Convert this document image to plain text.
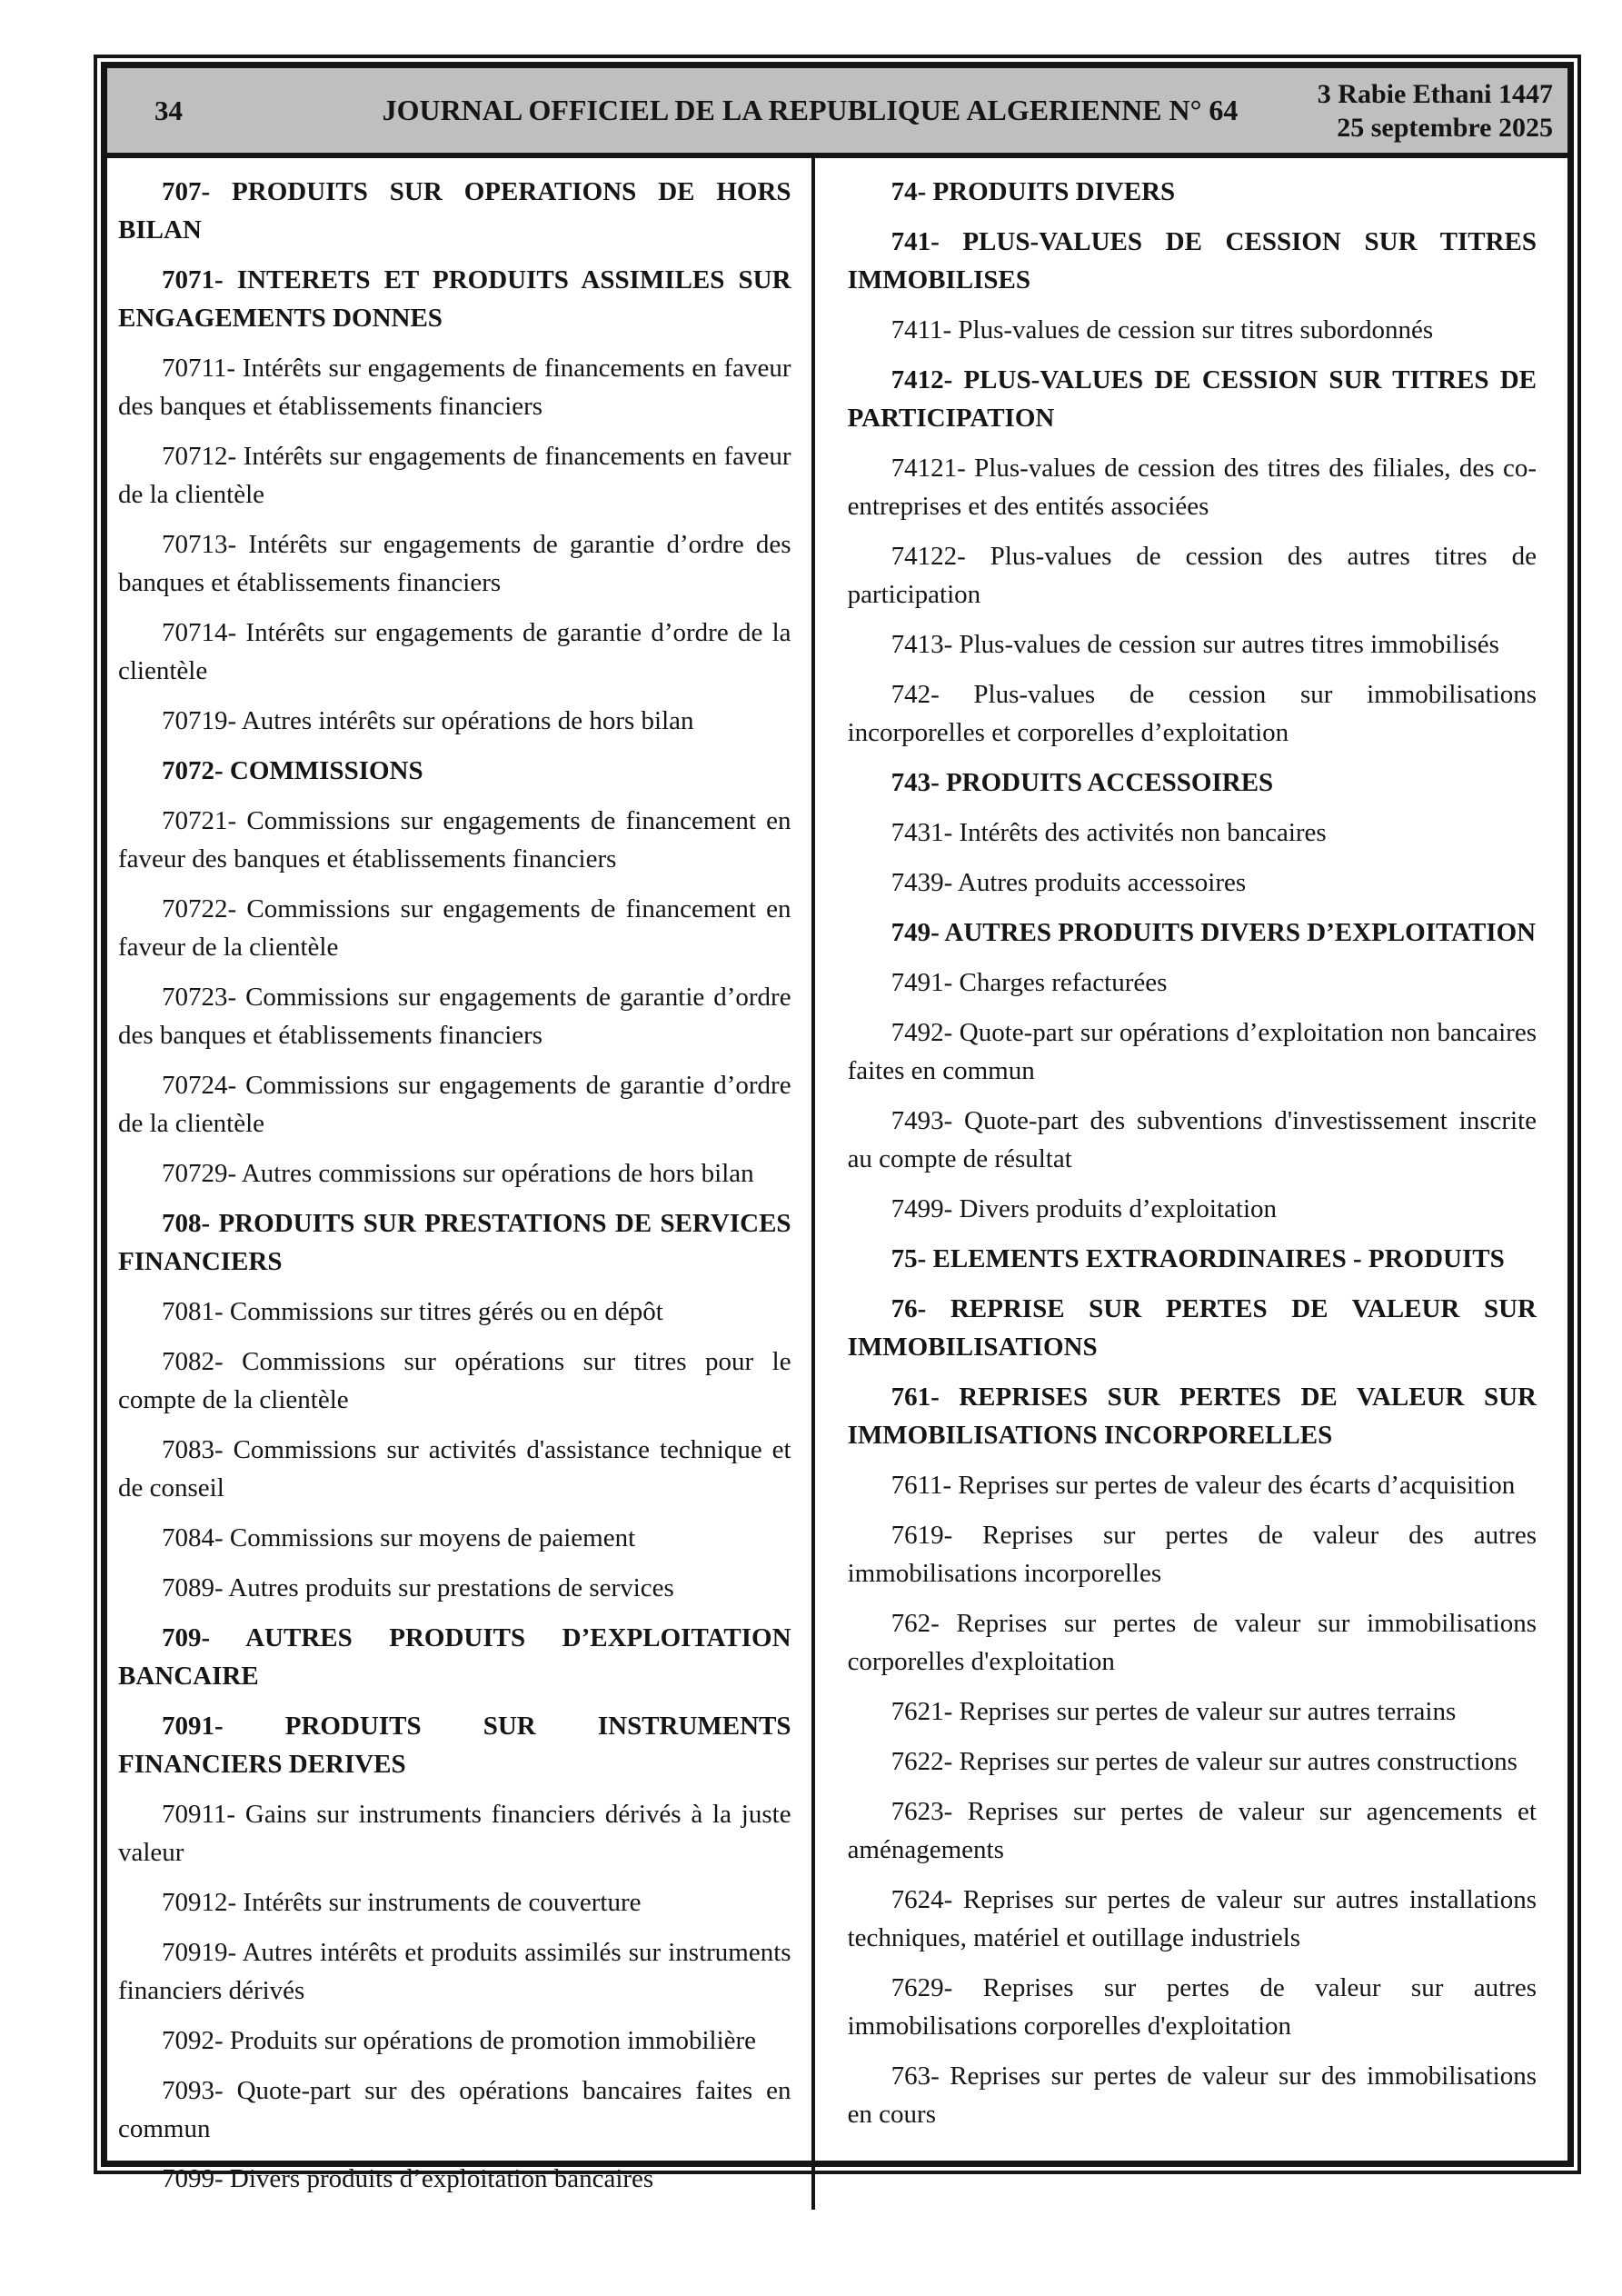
34	JOURNAL OFFICIEL DE LA REPUBLIQUE ALGERIENNE N° 64	3 Rabie Ethani 1447
25 septembre 2025

707- PRODUITS SUR OPERATIONS DE HORS BILAN

7071- INTERETS ET PRODUITS ASSIMILES SUR ENGAGEMENTS DONNES

70711- Intérêts sur engagements de financements en faveur des banques et établissements financiers

70712- Intérêts sur engagements de financements en faveur de la clientèle

70713- Intérêts sur engagements de garantie d’ordre des banques et établissements financiers

70714- Intérêts sur engagements de garantie d’ordre de la clientèle

70719- Autres intérêts sur opérations de hors bilan

7072- COMMISSIONS

70721- Commissions sur engagements de financement en faveur des banques et établissements financiers

70722- Commissions sur engagements de financement en faveur de la clientèle

70723- Commissions sur engagements de garantie d’ordre des banques et établissements financiers

70724- Commissions sur engagements de garantie d’ordre de la clientèle

70729- Autres commissions sur opérations de hors bilan

708- PRODUITS SUR PRESTATIONS DE SERVICES FINANCIERS

7081- Commissions sur titres gérés ou en dépôt

7082- Commissions sur opérations sur titres pour le compte de la clientèle

7083- Commissions sur activités d'assistance technique et de conseil

7084- Commissions sur moyens de paiement

7089- Autres produits sur prestations de services

709- AUTRES PRODUITS D’EXPLOITATION BANCAIRE

7091- PRODUITS SUR INSTRUMENTS FINANCIERS DERIVES

70911- Gains sur instruments financiers dérivés à la juste valeur

70912- Intérêts sur instruments de couverture

70919- Autres intérêts et produits assimilés sur instruments financiers dérivés

7092- Produits sur opérations de promotion immobilière

7093- Quote-part sur des opérations bancaires faites en commun

7099- Divers produits d’exploitation bancaires

74- PRODUITS DIVERS

741- PLUS-VALUES DE CESSION SUR TITRES IMMOBILISES

7411- Plus-values de cession sur titres subordonnés

7412- PLUS-VALUES DE CESSION SUR TITRES DE PARTICIPATION

74121- Plus-values de cession des titres des filiales, des co-entreprises et des entités associées

74122- Plus-values de cession des autres titres de participation

7413- Plus-values de cession sur autres titres immobilisés

742- Plus-values de cession sur immobilisations incorporelles et corporelles d’exploitation

743- PRODUITS ACCESSOIRES

7431- Intérêts des activités non bancaires

7439- Autres produits accessoires

749- AUTRES PRODUITS DIVERS D’EXPLOITATION

7491- Charges refacturées

7492- Quote-part sur opérations d’exploitation non bancaires faites en commun

7493- Quote-part des subventions d'investissement inscrite au compte de résultat

7499- Divers produits d’exploitation

75- ELEMENTS EXTRAORDINAIRES - PRODUITS

76- REPRISE SUR PERTES DE VALEUR SUR IMMOBILISATIONS

761- REPRISES SUR PERTES DE VALEUR SUR IMMOBILISATIONS INCORPORELLES

7611- Reprises sur pertes de valeur des écarts d’acquisition

7619- Reprises sur pertes de valeur des autres immobilisations incorporelles

762- Reprises sur pertes de valeur sur immobilisations corporelles d'exploitation

7621- Reprises sur pertes de valeur sur autres terrains

7622- Reprises sur pertes de valeur sur autres constructions

7623- Reprises sur pertes de valeur sur agencements et aménagements

7624- Reprises sur pertes de valeur sur autres installations techniques, matériel et outillage industriels

7629- Reprises sur pertes de valeur sur autres immobilisations corporelles d'exploitation

763- Reprises sur pertes de valeur sur des immobilisations en cours
